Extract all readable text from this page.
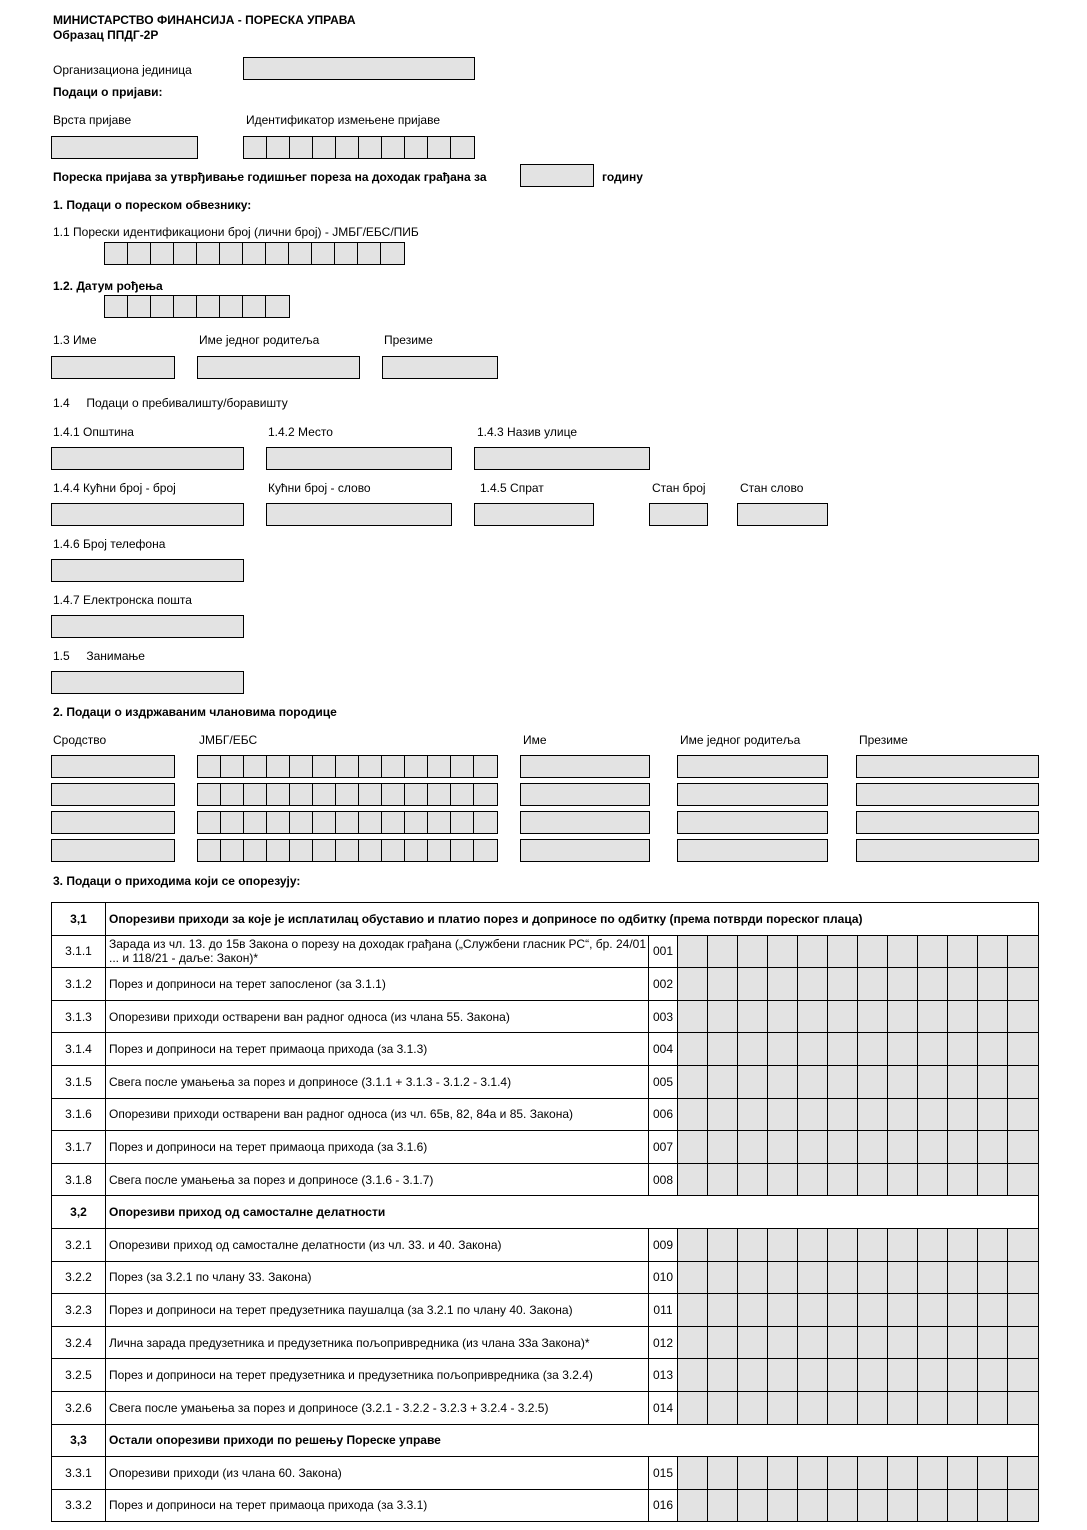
МИНИСТАРСТВО ФИНАНСИЈА - ПОРЕСКА УПРАВА
Образац ППДГ-2Р
Организациона јединица
Подаци о пријави:
Врста пријаве	Идентификатор измењене пријаве
Пореска пријава за утврђивање годишњег пореза на доходак грађана за	годину
1. Подаци о пореском обвезнику:
1.1 Порески идентификациони број (лични број) - ЈМБГ/ЕБС/ПИБ
1.2. Датум рођења
1.3 Име	Име једног родитеља	Презиме
1.4     Подаци о пребивалишту/боравишту
1.4.1 Општина	1.4.2 Место	1.4.3 Назив улице
1.4.4 Кућни број - број	Кућни број - слово	1.4.5 Спрат	Стан број	Стан слово
1.4.6 Број телефона
1.4.7 Електронска пошта
1.5     Занимање
2. Подаци о издржаваним члановима породице
Сродство	ЈМБГ/ЕБС	Име	Име једног родитеља	Презиме
3. Подаци о приходима који се опорезују:
3,1	Опорезиви приходи за које је исплатилац обуставио и платио порез и доприносе по одбитку (према потврди пореског плаца)
3.1.1	Зарада из чл. 13. до 15в Закона о порезу на доходак грађана („Службени гласник РС“, бр. 24/01 ... и 118/21 - даље: Закон)*	001
3.1.2	Порез и доприноси на терет запосленог (за 3.1.1)	002
3.1.3	Опорезиви приходи остварени ван радног односа (из члана 55. Закона)	003
3.1.4	Порез и доприноси на терет примаоца прихода (за 3.1.3)	004
3.1.5	Свега после умањења за порез и доприносе (3.1.1 + 3.1.3 - 3.1.2 - 3.1.4)	005
3.1.6	Опорезиви приходи остварени ван радног односа (из чл. 65в, 82, 84а и 85. Закона)	006
3.1.7	Порез и доприноси на терет примаоца прихода (за 3.1.6)	007
3.1.8	Свега после умањења за порез и доприносе (3.1.6 - 3.1.7)	008
3,2	Опорезиви приход од самосталне делатности
3.2.1	Опорезиви приход од самосталне делатности (из чл. 33. и 40. Закона)	009
3.2.2	Порез (за 3.2.1 по члану 33. Закона)	010
3.2.3	Порез и доприноси на терет предузетника паушалца (за 3.2.1 по члану 40. Закона)	011
3.2.4	Лична зарада предузетника и предузетника пољопривредника (из члана 33а Закона)*	012
3.2.5	Порез и доприноси на терет предузетника и предузетника пољопривредника (за 3.2.4)	013
3.2.6	Свега после умањења за порез и доприносе (3.2.1 - 3.2.2 - 3.2.3 + 3.2.4 - 3.2.5)	014
3,3	Остали опорезиви приходи по решењу Пореске управе
3.3.1	Опорезиви приходи (из члана 60. Закона)	015
3.3.2	Порез и доприноси на терет примаоца прихода (за 3.3.1)	016
